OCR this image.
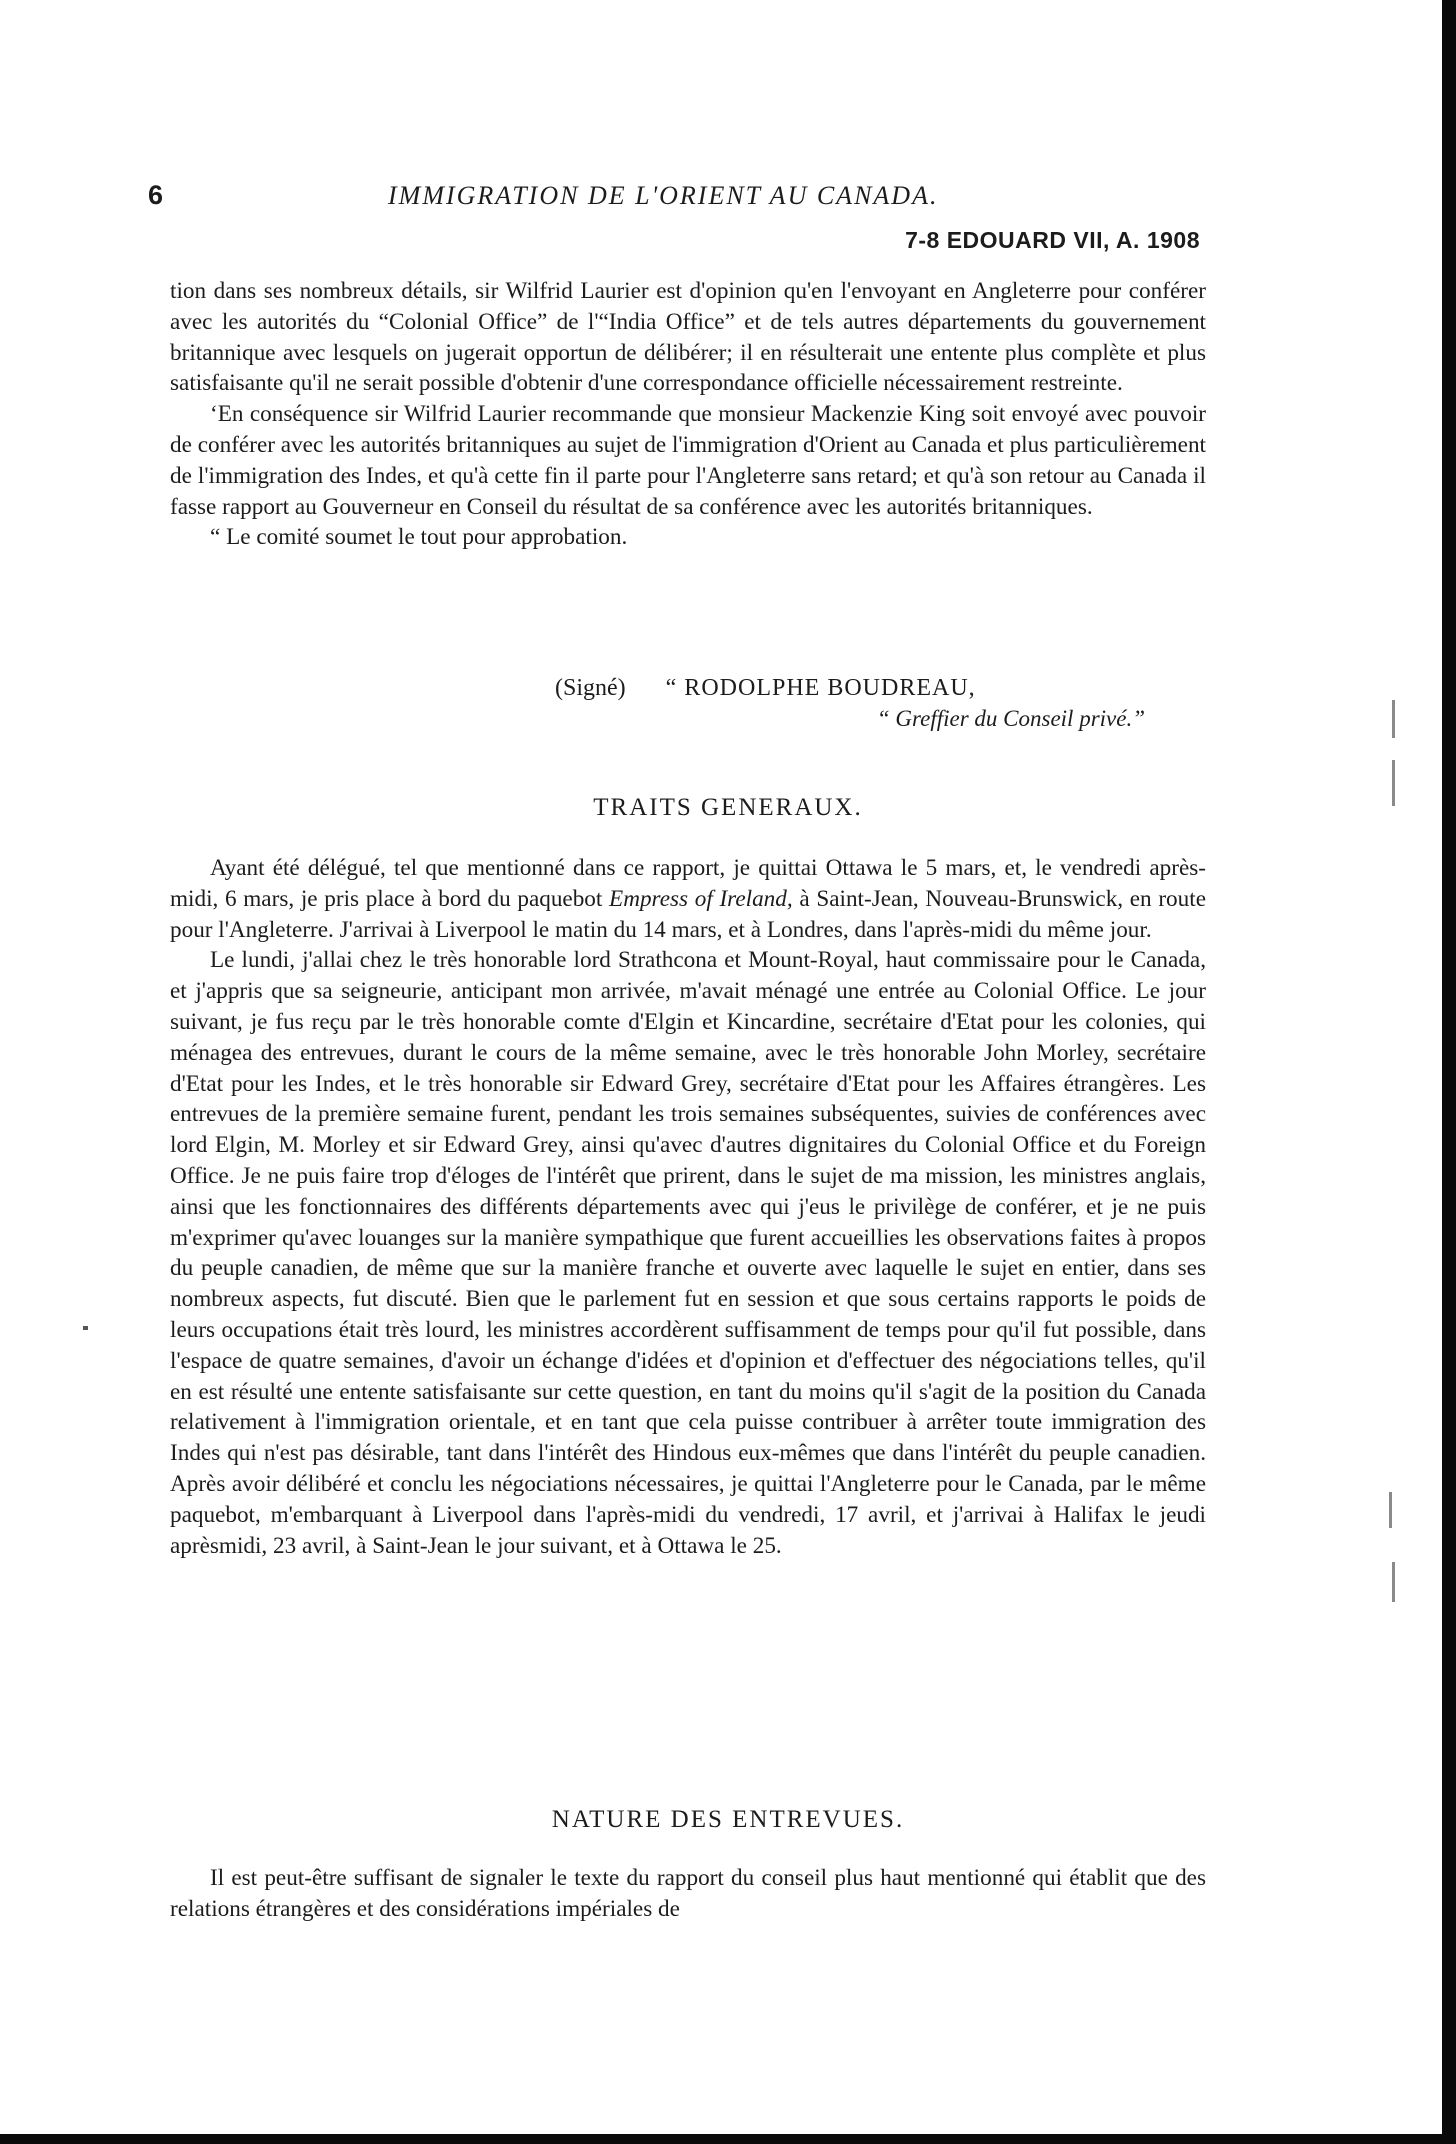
6	IMMIGRATION DE L'ORIENT AU CANADA.
7-8 EDOUARD VII, A. 1908

tion dans ses nombreux détails, sir Wilfrid Laurier est d'opinion qu'en l'envoyant en Angleterre pour conférer avec les autorités du “Colonial Office” de l'“India Office” et de tels autres départements du gouvernement britannique avec lesquels on jugerait opportun de délibérer; il en résulterait une entente plus complète et plus satisfaisante qu'il ne serait possible d'obtenir d'une correspondance officielle nécessairement restreinte.

‘En conséquence sir Wilfrid Laurier recommande que monsieur Mackenzie King soit envoyé avec pouvoir de conférer avec les autorités britanniques au sujet de l'immigration d'Orient au Canada et plus particulièrement de l'immigration des Indes, et qu'à cette fin il parte pour l'Angleterre sans retard; et qu'à son retour au Canada il fasse rapport au Gouverneur en Conseil du résultat de sa conférence avec les autorités britanniques.

“ Le comité soumet le tout pour approbation.

(Signé) “ RODOLPHE BOUDREAU,
“ Greffier du Conseil privé.”
TRAITS GENERAUX.

Ayant été délégué, tel que mentionné dans ce rapport, je quittai Ottawa le 5 mars, et, le vendredi après-midi, 6 mars, je pris place à bord du paquebot Empress of Ireland, à Saint-Jean, Nouveau-Brunswick, en route pour l'Angleterre. J'arrivai à Liverpool le matin du 14 mars, et à Londres, dans l'après-midi du même jour.

Le lundi, j'allai chez le très honorable lord Strathcona et Mount-Royal, haut commissaire pour le Canada, et j'appris que sa seigneurie, anticipant mon arrivée, m'avait ménagé une entrée au Colonial Office. Le jour suivant, je fus reçu par le très honorable comte d'Elgin et Kincardine, secrétaire d'Etat pour les colonies, qui ménagea des entrevues, durant le cours de la même semaine, avec le très honorable John Morley, secrétaire d'Etat pour les Indes, et le très honorable sir Edward Grey, secrétaire d'Etat pour les Affaires étrangères. Les entrevues de la première semaine furent, pendant les trois semaines subséquentes, suivies de conférences avec lord Elgin, M. Morley et sir Edward Grey, ainsi qu'avec d'autres dignitaires du Colonial Office et du Foreign Office. Je ne puis faire trop d'éloges de l'intérêt que prirent, dans le sujet de ma mission, les ministres anglais, ainsi que les fonctionnaires des différents départements avec qui j'eus le privilège de conférer, et je ne puis m'exprimer qu'avec louanges sur la manière sympathique que furent accueillies les observations faites à propos du peuple canadien, de même que sur la manière franche et ouverte avec laquelle le sujet en entier, dans ses nombreux aspects, fut discuté. Bien que le parlement fut en session et que sous certains rapports le poids de leurs occupations était très lourd, les ministres accordèrent suffisamment de temps pour qu'il fut possible, dans l'espace de quatre semaines, d'avoir un échange d'idées et d'opinion et d'effectuer des négociations telles, qu'il en est résulté une entente satisfaisante sur cette question, en tant du moins qu'il s'agit de la position du Canada relativement à l'immigration orientale, et en tant que cela puisse contribuer à arrêter toute immigration des Indes qui n'est pas désirable, tant dans l'intérêt des Hindous eux-mêmes que dans l'intérêt du peuple canadien. Après avoir délibéré et conclu les négociations nécessaires, je quittai l'Angleterre pour le Canada, par le même paquebot, m'embarquant à Liverpool dans l'après-midi du vendredi, 17 avril, et j'arrivai à Halifax le jeudi aprèsmidi, 23 avril, à Saint-Jean le jour suivant, et à Ottawa le 25.

NATURE DES ENTREVUES.

Il est peut-être suffisant de signaler le texte du rapport du conseil plus haut mentionné qui établit que des relations étrangères et des considérations impériales de
